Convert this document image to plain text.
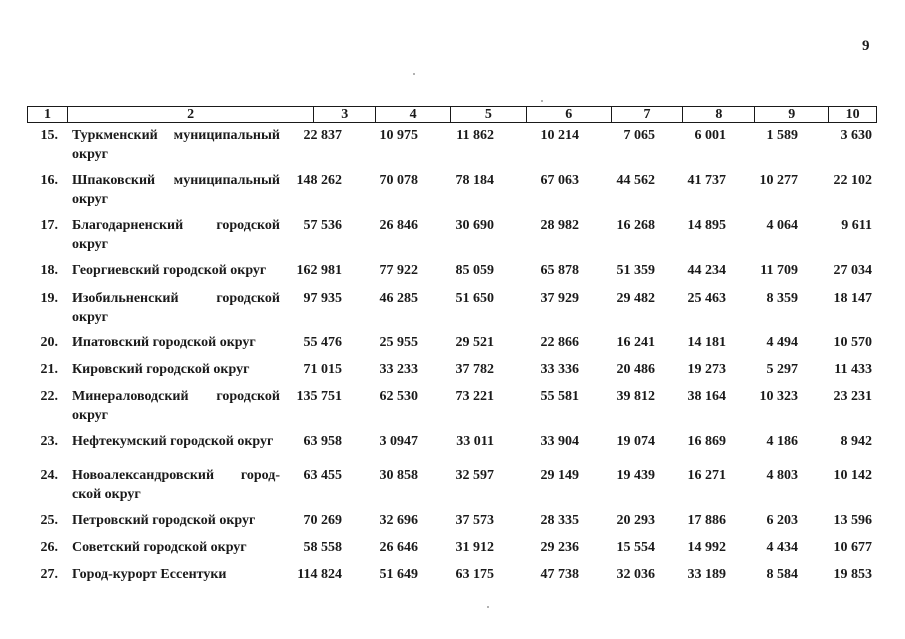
9
1	2	3	4	5	6	7	8	9	10
15. Туркменский муниципальный
округ
22 837	10 975	11 862	10 214	7 065	6 001	1 589	3 630
16. Шпаковский муниципальный
округ
148 262	70 078	78 184	67 063	44 562	41 737	10 277	22 102
17. Благодарненский городской
округ
57 536	26 846	30 690	28 982	16 268	14 895	4 064	9 611
18. Георгиевский городской округ	162 981	77 922	85 059	65 878	51 359	44 234	11 709	27 034
19. Изобильненский городской
округ
97 935	46 285	51 650	37 929	29 482	25 463	8 359	18 147
20. Ипатовский городской округ	55 476	25 955	29 521	22 866	16 241	14 181	4 494	10 570
21. Кировский городской округ	71 015	33 233	37 782	33 336	20 486	19 273	5 297	11 433
22. Минераловодский городской
округ
135 751	62 530	73 221	55 581	39 812	38 164	10 323	23 231
23. Нефтекумский городской округ	63 958	3 0947	33 011	33 904	19 074	16 869	4 186	8 942
24. Новоалександровский город-
ской округ
63 455	30 858	32 597	29 149	19 439	16 271	4 803	10 142
25. Петровский городской округ	70 269	32 696	37 573	28 335	20 293	17 886	6 203	13 596
26. Советский городской округ	58 558	26 646	31 912	29 236	15 554	14 992	4 434	10 677
27. Город-курорт Ессентуки	114 824	51 649	63 175	47 738	32 036	33 189	8 584	19 853
